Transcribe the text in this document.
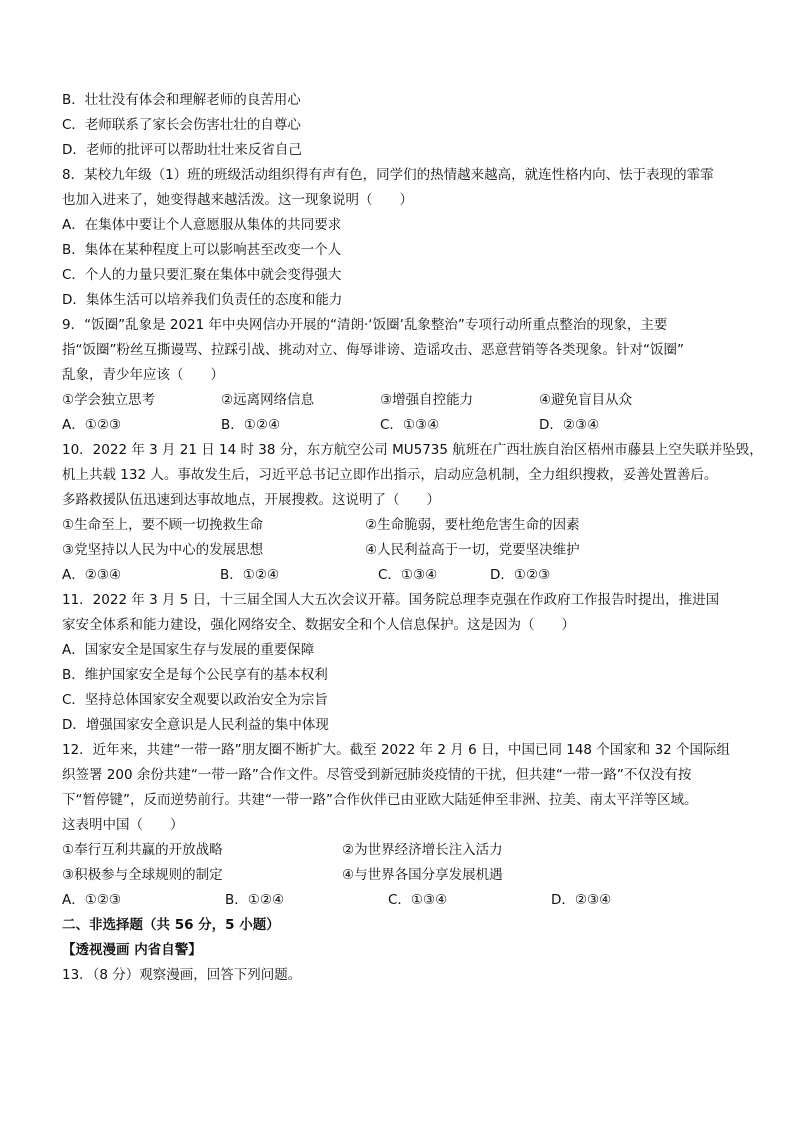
B．壮壮没有体会和理解老师的良苦用心
C．老师联系了家长会伤害壮壮的自尊心
D．老师的批评可以帮助壮壮来反省自己
8．某校九年级（1）班的班级活动组织得有声有色，同学们的热情越来越高，就连性格内向、怯于表现的霏霏
也加入进来了，她变得越来越活泼。这一现象说明（　　）
A．在集体中要让个人意愿服从集体的共同要求
B．集体在某种程度上可以影响甚至改变一个人
C．个人的力量只要汇聚在集体中就会变得强大
D．集体生活可以培养我们负责任的态度和能力
9．“饭圈”乱象是 2021 年中央网信办开展的“清朗·‘饭圈’乱象整治”专项行动所重点整治的现象，主要
指“饭圈”粉丝互撕谩骂、拉踩引战、挑动对立、侮辱诽谤、造谣攻击、恶意营销等各类现象。针对“饭圈”
乱象，青少年应该（　　）
①学会独立思考	②远离网络信息	③增强自控能力	④避免盲目从众
A．①②③	B．①②④	C．①③④	D．②③④
10．2022 年 3 月 21 日 14 时 38 分，东方航空公司 MU5735 航班在广西壮族自治区梧州市藤县上空失联并坠毁，
机上共载 132 人。事故发生后，习近平总书记立即作出指示，启动应急机制，全力组织搜救，妥善处置善后。
多路救援队伍迅速到达事故地点，开展搜救。这说明了（　　）
①生命至上，要不顾一切挽救生命	②生命脆弱，要杜绝危害生命的因素
③党坚持以人民为中心的发展思想	④人民利益高于一切，党要坚决维护
A．②③④	B．①②④	C．①③④	D．①②③
11．2022 年 3 月 5 日，十三届全国人大五次会议开幕。国务院总理李克强在作政府工作报告时提出，推进国
家安全体系和能力建设，强化网络安全、数据安全和个人信息保护。这是因为（　　）
A．国家安全是国家生存与发展的重要保障
B．维护国家安全是每个公民享有的基本权利
C．坚持总体国家安全观要以政治安全为宗旨
D．增强国家安全意识是人民利益的集中体现
12．近年来，共建“一带一路”朋友圈不断扩大。截至 2022 年 2 月 6 日，中国已同 148 个国家和 32 个国际组
织签署 200 余份共建“一带一路”合作文件。尽管受到新冠肺炎疫情的干扰，但共建“一带一路”不仅没有按
下“暂停键”，反而逆势前行。共建“一带一路”合作伙伴已由亚欧大陆延伸至非洲、拉美、南太平洋等区域。
这表明中国（　　）
①奉行互利共赢的开放战略	②为世界经济增长注入活力
③积极参与全球规则的制定	④与世界各国分享发展机遇
A．①②③	B．①②④	C．①③④	D．②③④
二、非选择题（共 56 分，5 小题）
【透视漫画 内省自警】
13．（8 分）观察漫画，回答下列问题。
